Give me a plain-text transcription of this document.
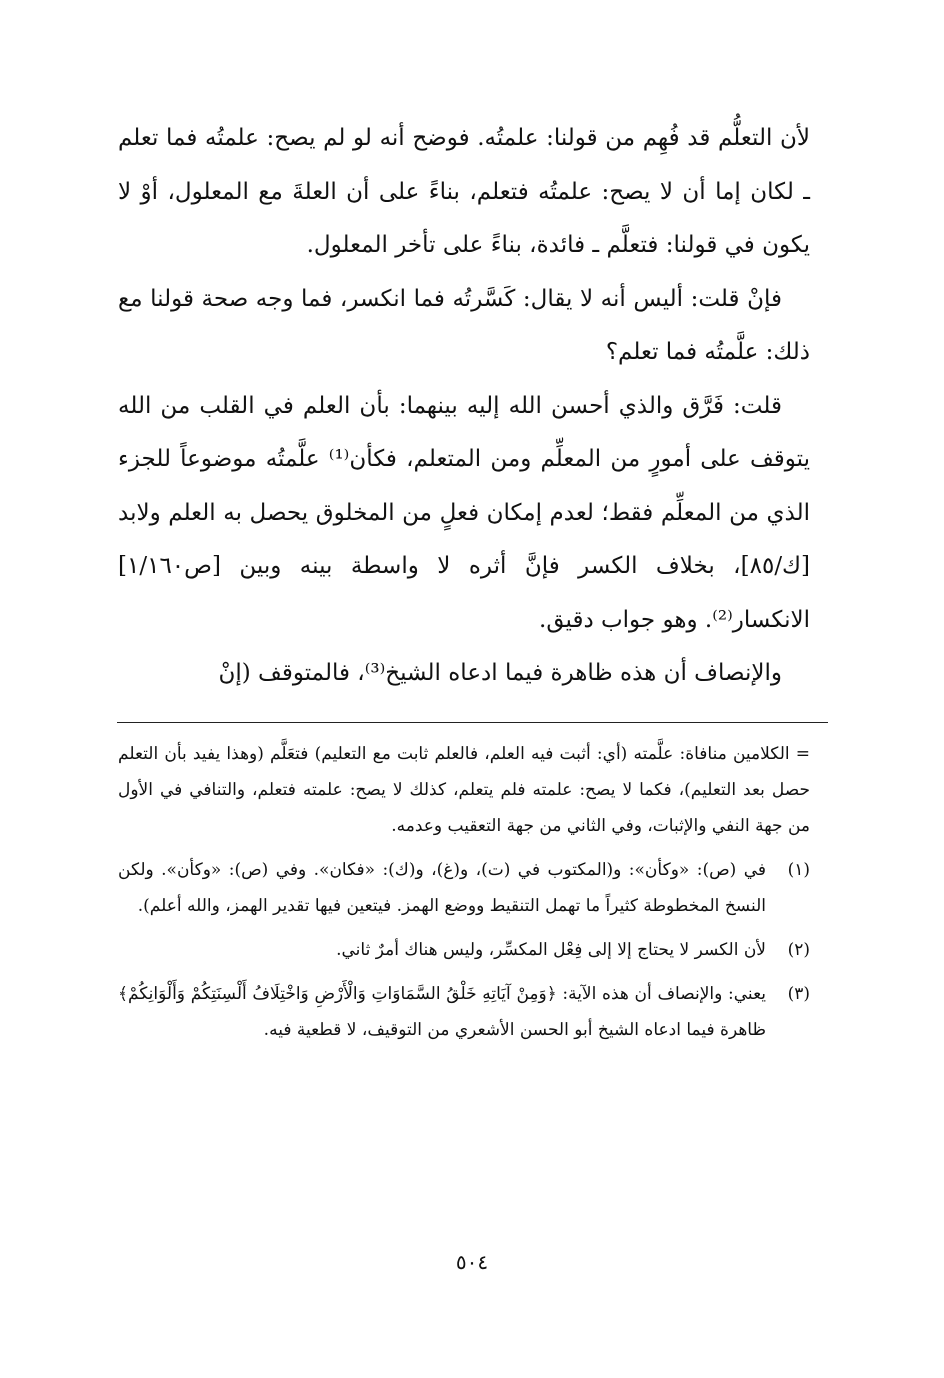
لأن التعلُّم قد فُهِم من قولنا: علمتُه. فوضح أنه لو لم يصح: علمتُه فما تعلم ـ لكان إما أن لا يصح: علمتُه فتعلم، بناءً على أن العلةَ مع المعلول، أوْ لا يكون في قولنا: فتعلَّم ـ فائدة، بناءً على تأخر المعلول.

فإنْ قلت: أليس أنه لا يقال: كَسَّرتُه فما انكسر، فما وجه صحة قولنا مع ذلك: علَّمتُه فما تعلم؟

قلت: فَرَّق والذي أحسن الله إليه بينهما: بأن العلم في القلب من الله يتوقف على أمورٍ من المعلِّم ومن المتعلم، فكأن⁽¹⁾ علَّمتُه موضوعاً للجزء الذي من المعلِّم فقط؛ لعدم إمكان فعلٍ من المخلوق يحصل به العلم ولابد [ك/٨٥]، بخلاف الكسر فإنَّ أثره لا واسطة بينه وبين [ص١/١٦٠] الانكسار⁽²⁾. وهو جواب دقيق.

والإنصاف أن هذه ظاهرة فيما ادعاه الشيخ⁽³⁾، فالمتوقف (إنْ

= الكلامين منافاة: علَّمته (أي: أثبت فيه العلم، فالعلم ثابت مع التعليم) فتعَلَّم (وهذا يفيد بأن التعلم حصل بعد التعليم)، فكما لا يصح: علمته فلم يتعلم، كذلك لا يصح: علمته فتعلم، والتنافي في الأول من جهة النفي والإثبات، وفي الثاني من جهة التعقيب وعدمه.

(١)
في (ص): «وكأن»: و(المكتوب في (ت)، و(غ)، و(ك): «فكان». وفي (ص): «وكأن». ولكن النسخ المخطوطة كثيراً ما تهمل التنقيط ووضع الهمز. فيتعين فيها تقدير الهمز، والله أعلم).
(٢)
لأن الكسر لا يحتاج إلا إلى فِعْل المكسِّر، وليس هناك أمرٌ ثاني.
(٣)
يعني: والإنصاف أن هذه الآية: ﴿وَمِنْ آيَاتِهِ خَلْقُ السَّمَاوَاتِ وَالْأَرْضِ وَاخْتِلَافُ أَلْسِنَتِكُمْ وَأَلْوَانِكُمْ﴾ ظاهرة فيما ادعاه الشيخ أبو الحسن الأشعري من التوقيف، لا قطعية فيه.
٥٠٤
